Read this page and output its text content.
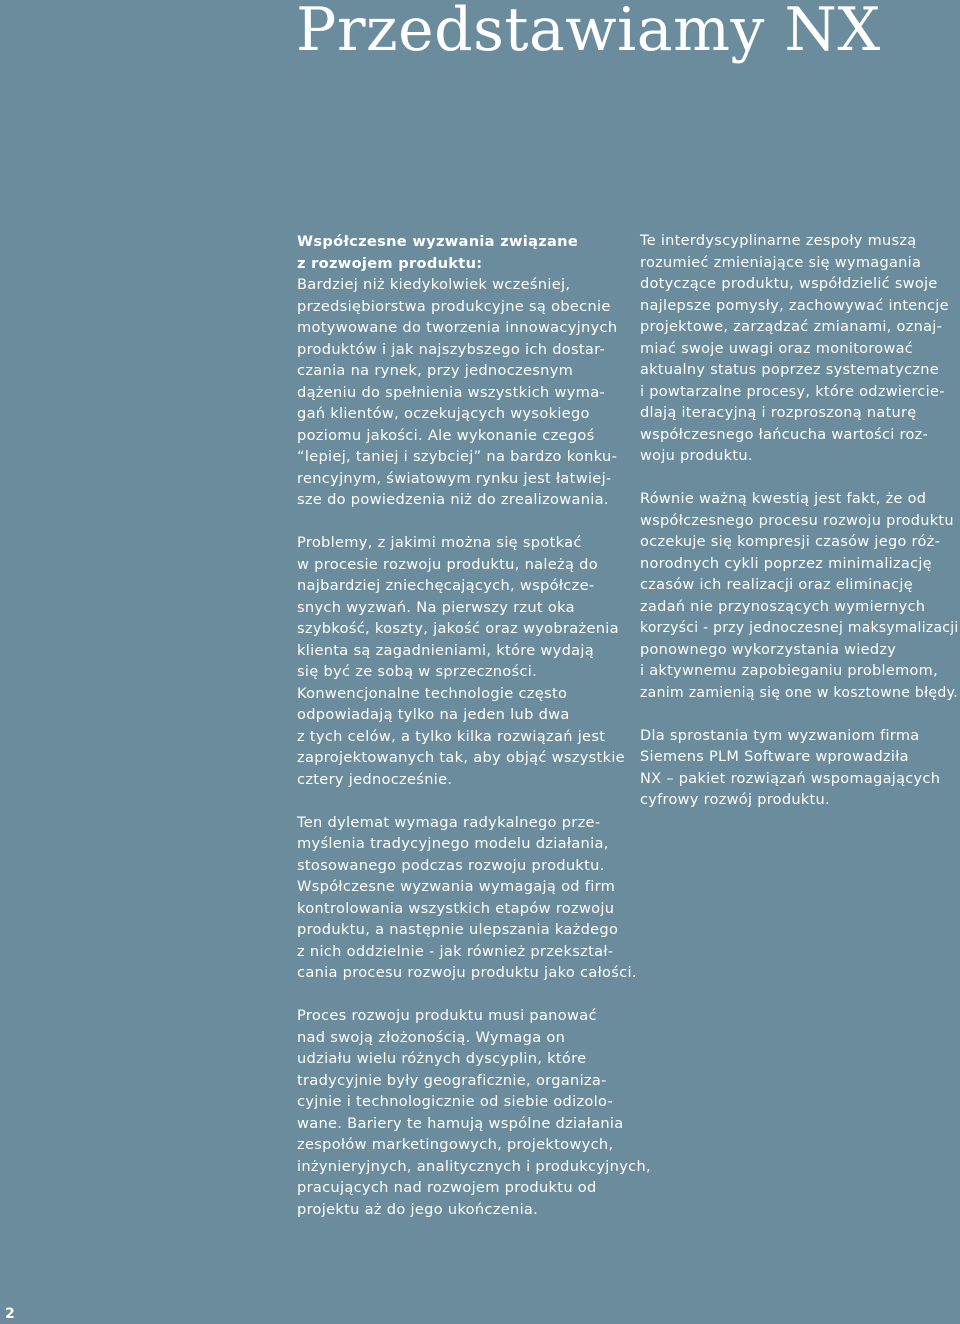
Przedstawiamy NX

Współczesne wyzwania związane
z rozwojem produktu:
Bardziej niż kiedykolwiek wcześniej,
przedsiębiorstwa produkcyjne są obecnie
motywowane do tworzenia innowacyjnych
produktów i jak najszybszego ich dostar-
czania na rynek, przy jednoczesnym
dążeniu do spełnienia wszystkich wyma-
gań klientów, oczekujących wysokiego
poziomu jakości. Ale wykonanie czegoś
“lepiej, taniej i szybciej” na bardzo konku-
rencyjnym, światowym rynku jest łatwiej-
sze do powiedzenia niż do zrealizowania.

Problemy, z jakimi można się spotkać
w procesie rozwoju produktu, należą do
najbardziej zniechęcających, współcze-
snych wyzwań. Na pierwszy rzut oka
szybkość, koszty, jakość oraz wyobrażenia
klienta są zagadnieniami, które wydają
się być ze sobą w sprzeczności.
Konwencjonalne technologie często
odpowiadają tylko na jeden lub dwa
z tych celów, a tylko kilka rozwiązań jest
zaprojektowanych tak, aby objąć wszystkie
cztery jednocześnie.

Ten dylemat wymaga radykalnego prze-
myślenia tradycyjnego modelu działania,
stosowanego podczas rozwoju produktu.
Współczesne wyzwania wymagają od firm
kontrolowania wszystkich etapów rozwoju
produktu, a następnie ulepszania każdego
z nich oddzielnie - jak również przekształ-
cania procesu rozwoju produktu jako całości.

Proces rozwoju produktu musi panować
nad swoją złożonością. Wymaga on
udziału wielu różnych dyscyplin, które
tradycyjnie były geograficznie, organiza-
cyjnie i technologicznie od siebie odizolo-
wane. Bariery te hamują wspólne działania
zespołów marketingowych, projektowych,
inżynieryjnych, analitycznych i produkcyjnych,
pracujących nad rozwojem produktu od
projektu aż do jego ukończenia.

Te interdyscyplinarne zespoły muszą
rozumieć zmieniające się wymagania
dotyczące produktu, współdzielić swoje
najlepsze pomysły, zachowywać intencje
projektowe, zarządzać zmianami, oznaj-
miać swoje uwagi oraz monitorować
aktualny status poprzez systematyczne
i powtarzalne procesy, które odzwiercie-
dlają iteracyjną i rozproszoną naturę
współczesnego łańcucha wartości roz-
woju produktu.

Równie ważną kwestią jest fakt, że od
współczesnego procesu rozwoju produktu
oczekuje się kompresji czasów jego róż-
norodnych cykli poprzez minimalizację
czasów ich realizacji oraz eliminację
zadań nie przynoszących wymiernych
korzyści - przy jednoczesnej maksymalizacji
ponownego wykorzystania wiedzy
i aktywnemu zapobieganiu problemom,
zanim zamienią się one w kosztowne błędy.

Dla sprostania tym wyzwaniom firma
Siemens PLM Software wprowadziła
NX – pakiet rozwiązań wspomagających
cyfrowy rozwój produktu.

2
